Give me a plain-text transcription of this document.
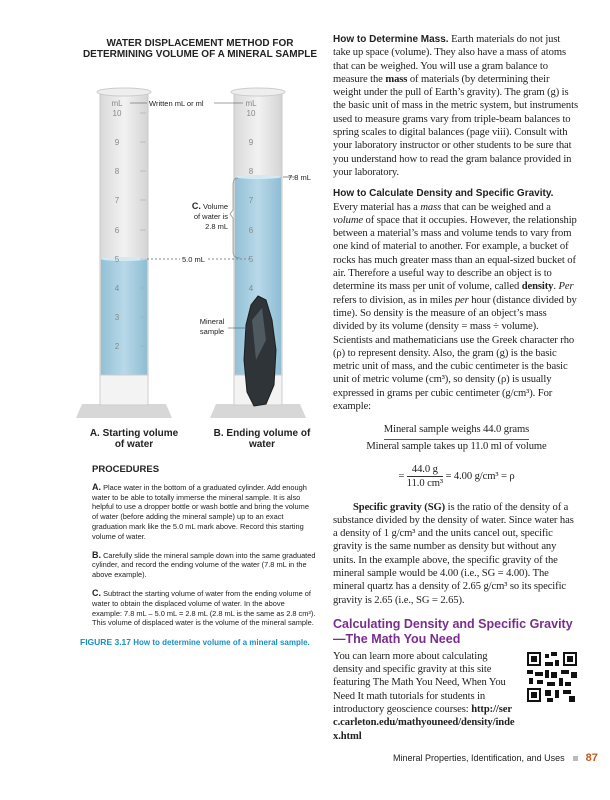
WATER DISPLACEMENT METHOD FOR DETERMINING VOLUME OF A MINERAL SAMPLE
mL
10
9
8
7
6
5
4
3
2
mL
10
9
8
7
6
5
4
Written mL or ml
7.8 mL
5.0 mL
C. Volume
of water is
2.8 mL
Mineral
sample
A. Starting volume of water
B. Ending volume of water
PROCEDURES

A. Place water in the bottom of a graduated cylinder. Add enough water to be able to totally immerse the mineral sample. It is also helpful to use a dropper bottle or wash bottle and bring the volume of water (before adding the mineral sample) up to an exact graduation mark like the 5.0 mL mark above. Record this starting volume of water.

B. Carefully slide the mineral sample down into the same graduated cylinder, and record the ending volume of the water (7.8 mL in the above example).

C. Subtract the starting volume of water from the ending volume of water to obtain the displaced volume of water. In the above example: 7.8 mL – 5.0 mL = 2.8 mL (2.8 mL is the same as 2.8 cm³). This volume of displaced water is the volume of the mineral sample.

FIGURE 3.17 How to determine volume of a mineral sample.

How to Determine Mass. Earth materials do not just take up space (volume). They also have a mass of atoms that can be weighed. You will use a gram balance to measure the mass of materials (by determining their weight under the pull of Earth’s gravity). The gram (g) is the basic unit of mass in the metric system, but instruments used to measure grams vary from triple-beam balances to spring scales to digital balances (page viii). Consult with your laboratory instructor or other students to be sure that you understand how to read the gram balance provided in your laboratory.

How to Calculate Density and Specific Gravity. Every material has a mass that can be weighed and a volume of space that it occupies. However, the relationship between a material’s mass and volume tends to vary from one kind of material to another. For example, a bucket of rocks has much greater mass than an equal-sized bucket of air. Therefore a useful way to describe an object is to determine its mass per unit of volume, called density. Per refers to division, as in miles per hour (distance divided by time). So density is the measure of an object’s mass divided by its volume (density = mass ÷ volume). Scientists and mathematicians use the Greek character rho (ρ) to represent density. Also, the gram (g) is the basic metric unit of mass, and the cubic centimeter is the basic unit of metric volume (cm³), so density (ρ) is usually expressed in grams per cubic centimeter (g/cm³). For example:

Mineral sample weighs 44.0 grams
Mineral sample takes up 11.0 ml of volume
= $\frac{44.0 g}{\text{11.0 cm³}} = 4.00$ g/cm³ = ρ

Specific gravity (SG) is the ratio of the density of a substance divided by the density of water. Since water has a density of 1 g/cm³ and the units cancel out, specific gravity is the same number as density but without any units. In the example above, the specific gravity of the mineral sample would be 4.00 (i.e., SG = 4.00). The mineral quartz has a density of 2.65 g/cm³ so its specific gravity is 2.65 (i.e., SG = 2.65).

Calculating Density and Specific Gravity—The Math You Need
You can learn more about calculating density and specific gravity at this site featuring The Math You Need, When You Need It math tutorials for students in introductory geoscience courses: http://serc.carleton.edu/mathyouneed/density/index.html
Mineral Properties, Identification, and Uses 87
